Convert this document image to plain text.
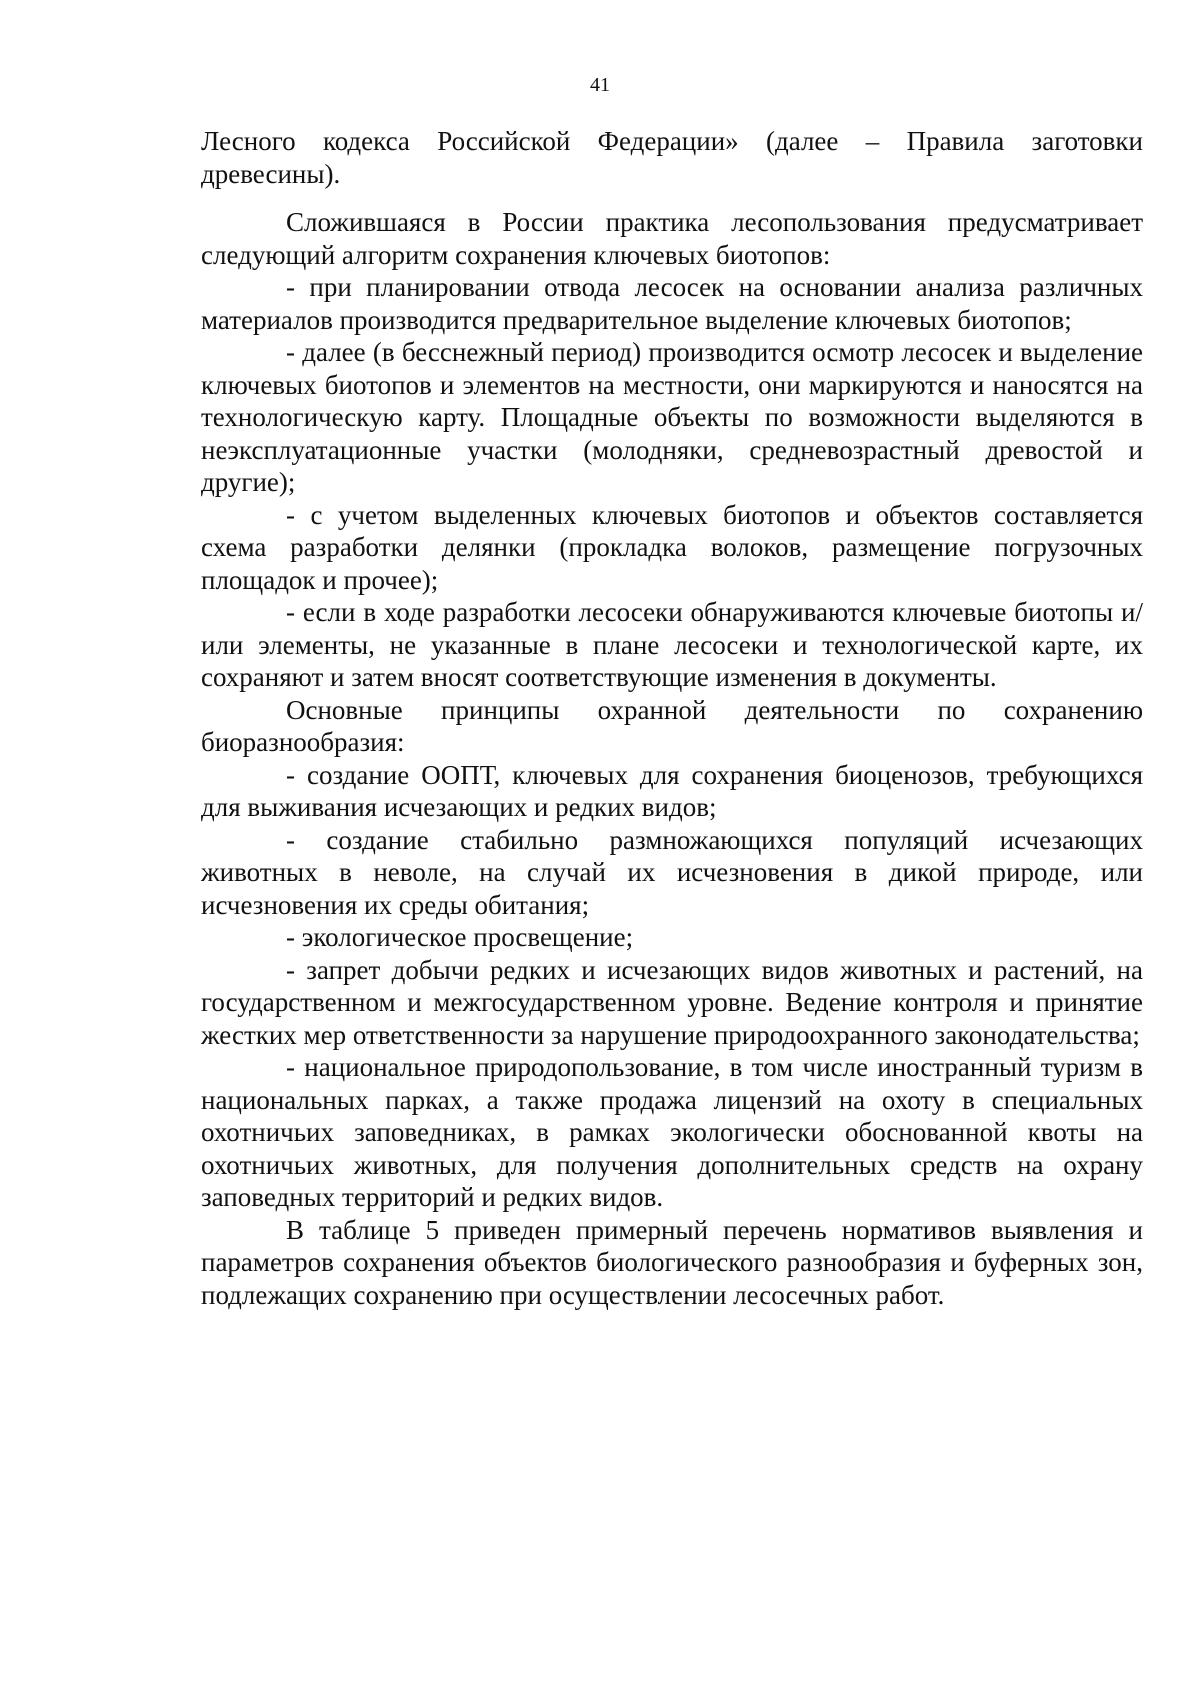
41

Лесного кодекса Российской Федерации» (далее – Правила заготовки древесины).

Сложившаяся в России практика лесопользования предусматривает следующий алгоритм сохранения ключевых биотопов:

- при планировании отвода лесосек на основании анализа различных материалов производится предварительное выделение ключевых биотопов;

- далее (в бесснежный период) производится осмотр лесосек и выделение ключевых биотопов и элементов на местности, они маркируются и наносятся на технологическую карту. Площадные объекты по возможности выделяются в неэксплуатационные участки (молодняки, средневозрастный древостой и другие);

- с учетом выделенных ключевых биотопов и объектов составляется схема разработки делянки (прокладка волоков, размещение погрузочных площадок и прочее);

- если в ходе разработки лесосеки обнаруживаются ключевые биотопы и/или элементы, не указанные в плане лесосеки и технологической карте, их сохраняют и затем вносят соответствующие изменения в документы.

Основные принципы охранной деятельности по сохранению биоразнообразия:

- создание ООПТ, ключевых для сохранения биоценозов, требующихся для выживания исчезающих и редких видов;

- создание стабильно размножающихся популяций исчезающих животных в неволе, на случай их исчезновения в дикой природе, или исчезновения их среды обитания;

- экологическое просвещение;

- запрет добычи редких и исчезающих видов животных и растений, на государственном и межгосударственном уровне. Ведение контроля и принятие жестких мер ответственности за нарушение природоохранного законодательства;

- национальное природопользование, в том числе иностранный туризм в национальных парках, а также продажа лицензий на охоту в специальных охотничьих заповедниках, в рамках экологически обоснованной квоты на охотничьих животных, для получения дополнительных средств на охрану заповедных территорий и редких видов.

В таблице 5 приведен примерный перечень нормативов выявления и параметров сохранения объектов биологического разнообразия и буферных зон, подлежащих сохранению при осуществлении лесосечных работ.
